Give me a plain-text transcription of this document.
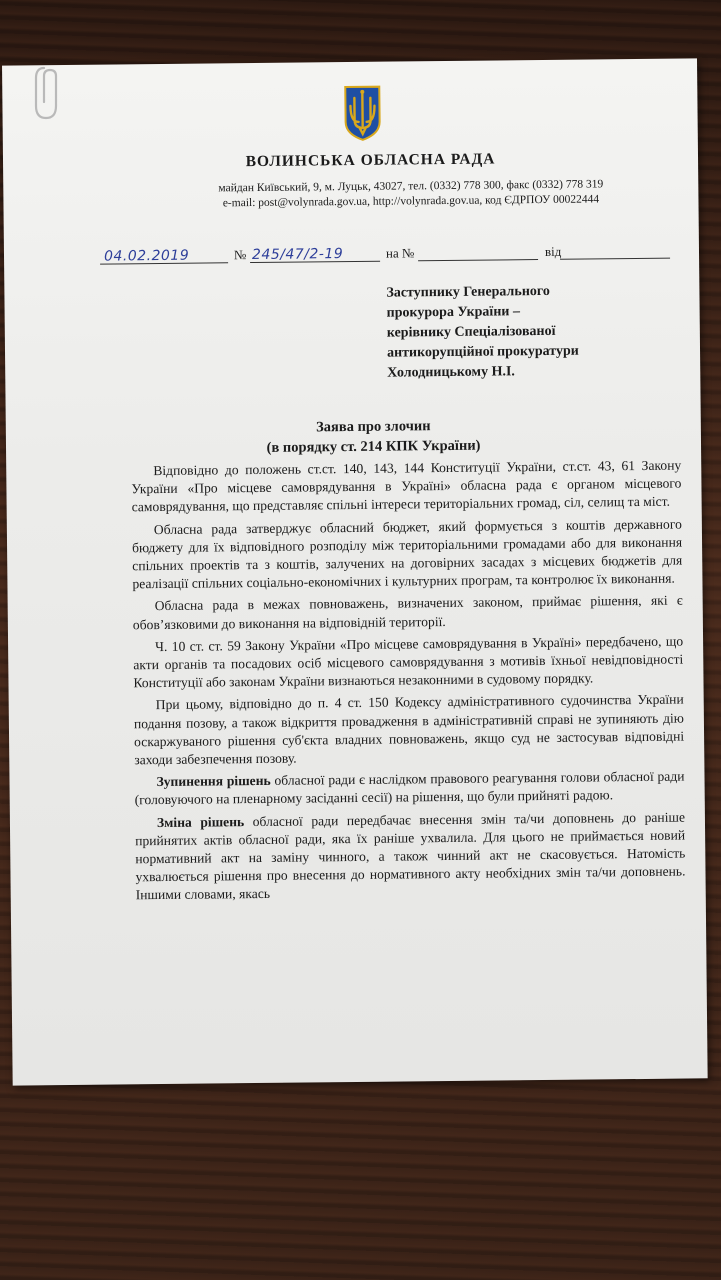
ВОЛИНСЬКА ОБЛАСНА РАДА
майдан Київський, 9, м. Луцьк, 43027, тел. (0332) 778 300, факс (0332) 778 319
e-mail: post@volynrada.gov.ua, http://volynrada.gov.ua, код ЄДРПОУ 00022444
04.02.2019	№ 245/47/2-19	на №	від
Заступнику Генерального
прокурора України –
керівнику Спеціалізованої
антикорупційної прокуратури
Холодницькому Н.І.
Заява про злочин
(в порядку ст. 214 КПК України)

Відповідно до положень ст.ст. 140, 143, 144 Конституції України, ст.ст. 43, 61 Закону України «Про місцеве самоврядування в Україні» обласна рада є органом місцевого самоврядування, що представляє спільні інтереси територіальних громад, сіл, селищ та міст.

Обласна рада затверджує обласний бюджет, який формується з коштів державного бюджету для їх відповідного розподілу між територіальними громадами або для виконання спільних проектів та з коштів, залучених на договірних засадах з місцевих бюджетів для реалізації спільних соціально-економічних і культурних програм, та контролює їх виконання.

Обласна рада в межах повноважень, визначених законом, приймає рішення, які є обов’язковими до виконання на відповідній території.

Ч. 10 ст. ст. 59 Закону України «Про місцеве самоврядування в Україні» передбачено, що акти органів та посадових осіб місцевого самоврядування з мотивів їхньої невідповідності Конституції або законам України визнаються незаконними в судовому порядку.

При цьому, відповідно до п. 4 ст. 150 Кодексу адміністративного судочинства України подання позову, а також відкриття провадження в адміністративній справі не зупиняють дію оскаржуваного рішення суб'єкта владних повноважень, якщо суд не застосував відповідні заходи забезпечення позову.

Зупинення рішень обласної ради є наслідком правового реагування голови обласної ради (головуючого на пленарному засіданні сесії) на рішення, що були прийняті радою.

Зміна рішень обласної ради передбачає внесення змін та/чи доповнень до раніше прийнятих актів обласної ради, яка їх раніше ухвалила. Для цього не приймається новий нормативний акт на заміну чинного, а також чинний акт не скасовується. Натомість ухвалюється рішення про внесення до нормативного акту необхідних змін та/чи доповнень. Іншими словами, якась
